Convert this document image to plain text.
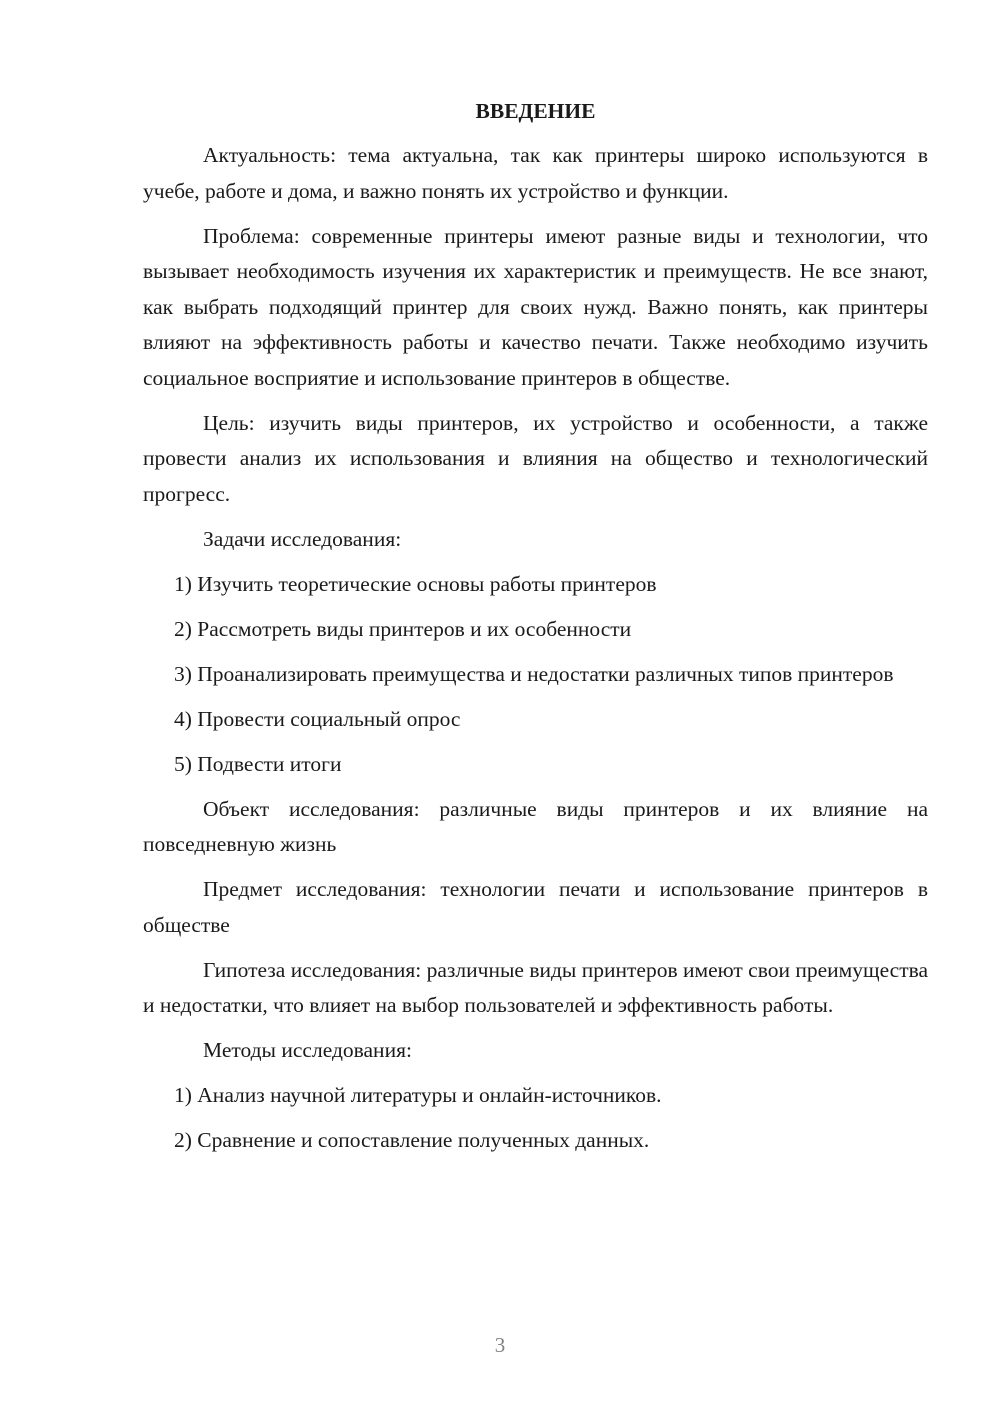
ВВЕДЕНИЕ

Актуальность: тема актуальна, так как принтеры широко используются в учебе, работе и дома, и важно понять их устройство и функции.

Проблема: современные принтеры имеют разные виды и технологии, что вызывает необходимость изучения их характеристик и преимуществ. Не все знают, как выбрать подходящий принтер для своих нужд. Важно понять, как принтеры влияют на эффективность работы и качество печати. Также необходимо изучить социальное восприятие и использование принтеров в обществе.

Цель: изучить виды принтеров, их устройство и особенности, а также провести анализ их использования и влияния на общество и технологический прогресс.

Задачи исследования:

1) Изучить теоретические основы работы принтеров

2) Рассмотреть виды принтеров и их особенности

3) Проанализировать преимущества и недостатки различных типов принтеров

4) Провести социальный опрос

5) Подвести итоги

Объект исследования: различные виды принтеров и их влияние на повседневную жизнь

Предмет исследования: технологии печати и использование принтеров в обществе

Гипотеза исследования: различные виды принтеров имеют свои преимущества и недостатки, что влияет на выбор пользователей и эффективность работы.

Методы исследования:

1) Анализ научной литературы и онлайн-источников.

2) Сравнение и сопоставление полученных данных.

3
